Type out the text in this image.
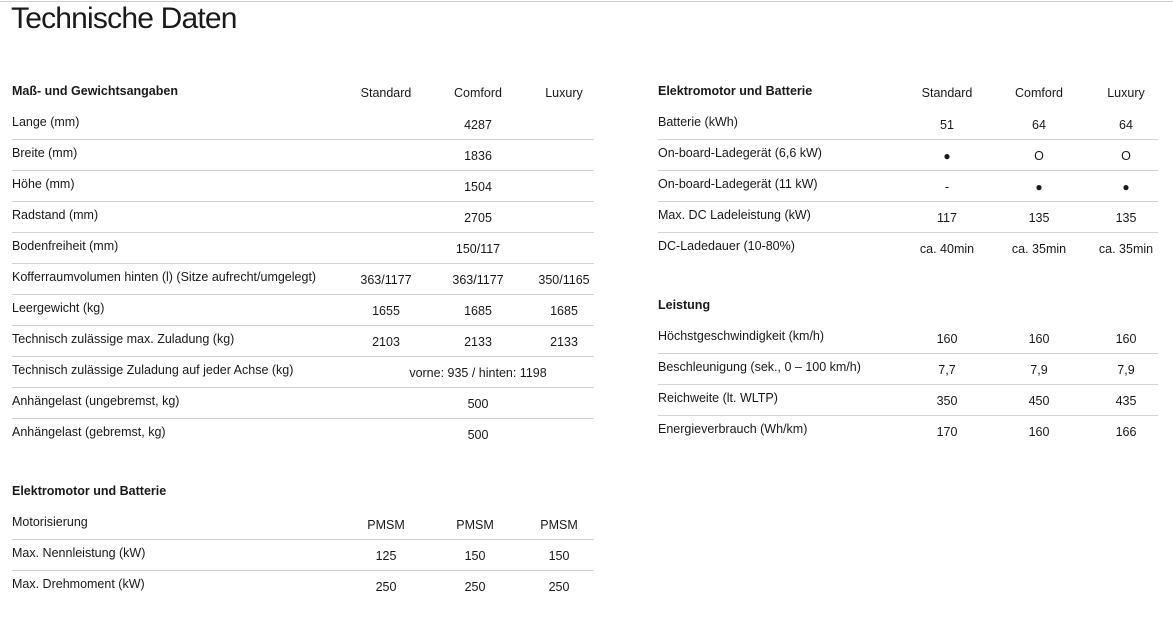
Technische Daten
Maß- und Gewichtsangaben	Standard	Comford	Luxury
Lange (mm)	4287
Breite (mm)	1836
Höhe (mm)	1504
Radstand (mm)	2705
Bodenfreiheit (mm)	150/117
Kofferraumvolumen hinten (l) (Sitze aufrecht/umgelegt)	363/1177	363/1177	350/1165
Leergewicht (kg)	1655	1685	1685
Technisch zulässige max. Zuladung (kg)	2103	2133	2133
Technisch zulässige Zuladung auf jeder Achse (kg)	vorne: 935 / hinten: 1198
Anhängelast (ungebremst, kg)	500
Anhängelast (gebremst, kg)	500
Elektromotor und Batterie
Motorisierung	PMSM	PMSM	PMSM
Max. Nennleistung (kW)	125	150	150
Max. Drehmoment (kW)	250	250	250
Elektromotor und Batterie	Standard	Comford	Luxury
Batterie (kWh)	51	64	64
On-board-Ladegerät (6,6 kW)	●	O	O
On-board-Ladegerät (11 kW)	-	●	●
Max. DC Ladeleistung (kW)	117	135	135
DC-Ladedauer (10-80%)	ca. 40min	ca. 35min	ca. 35min
Leistung
Höchstgeschwindigkeit (km/h)	160	160	160
Beschleunigung (sek., 0 – 100 km/h)	7,7	7,9	7,9
Reichweite (lt. WLTP)	350	450	435
Energieverbrauch (Wh/km)	170	160	166
